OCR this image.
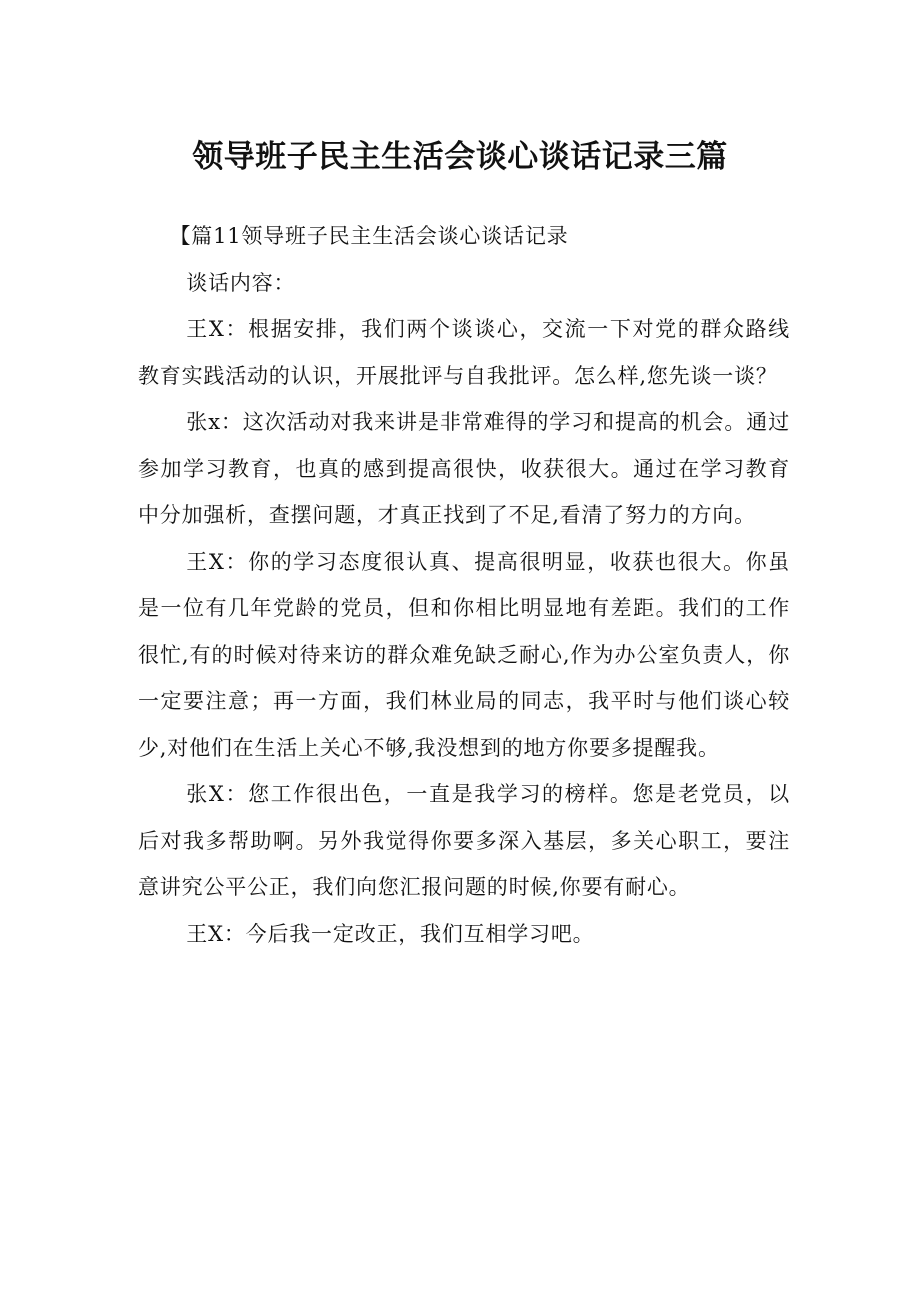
领导班子民主生活会谈心谈话记录三篇

【篇11领导班子民主生活会谈心谈话记录

谈话内容：

王X：根据安排，我们两个谈谈心，交流一下对党的群众路线教育实践活动的认识，开展批评与自我批评。怎么样,您先谈一谈？

张x：这次活动对我来讲是非常难得的学习和提高的机会。通过参加学习教育，也真的感到提高很快，收获很大。通过在学习教育中分加强析，查摆问题，才真正找到了不足,看清了努力的方向。

王X：你的学习态度很认真、提高很明显，收获也很大。你虽是一位有几年党龄的党员，但和你相比明显地有差距。我们的工作很忙,有的时候对待来访的群众难免缺乏耐心,作为办公室负责人，你一定要注意；再一方面，我们林业局的同志，我平时与他们谈心较少,对他们在生活上关心不够,我没想到的地方你要多提醒我。

张X：您工作很出色，一直是我学习的榜样。您是老党员，以后对我多帮助啊。另外我觉得你要多深入基层，多关心职工，要注意讲究公平公正，我们向您汇报问题的时候,你要有耐心。

王X：今后我一定改正，我们互相学习吧。
